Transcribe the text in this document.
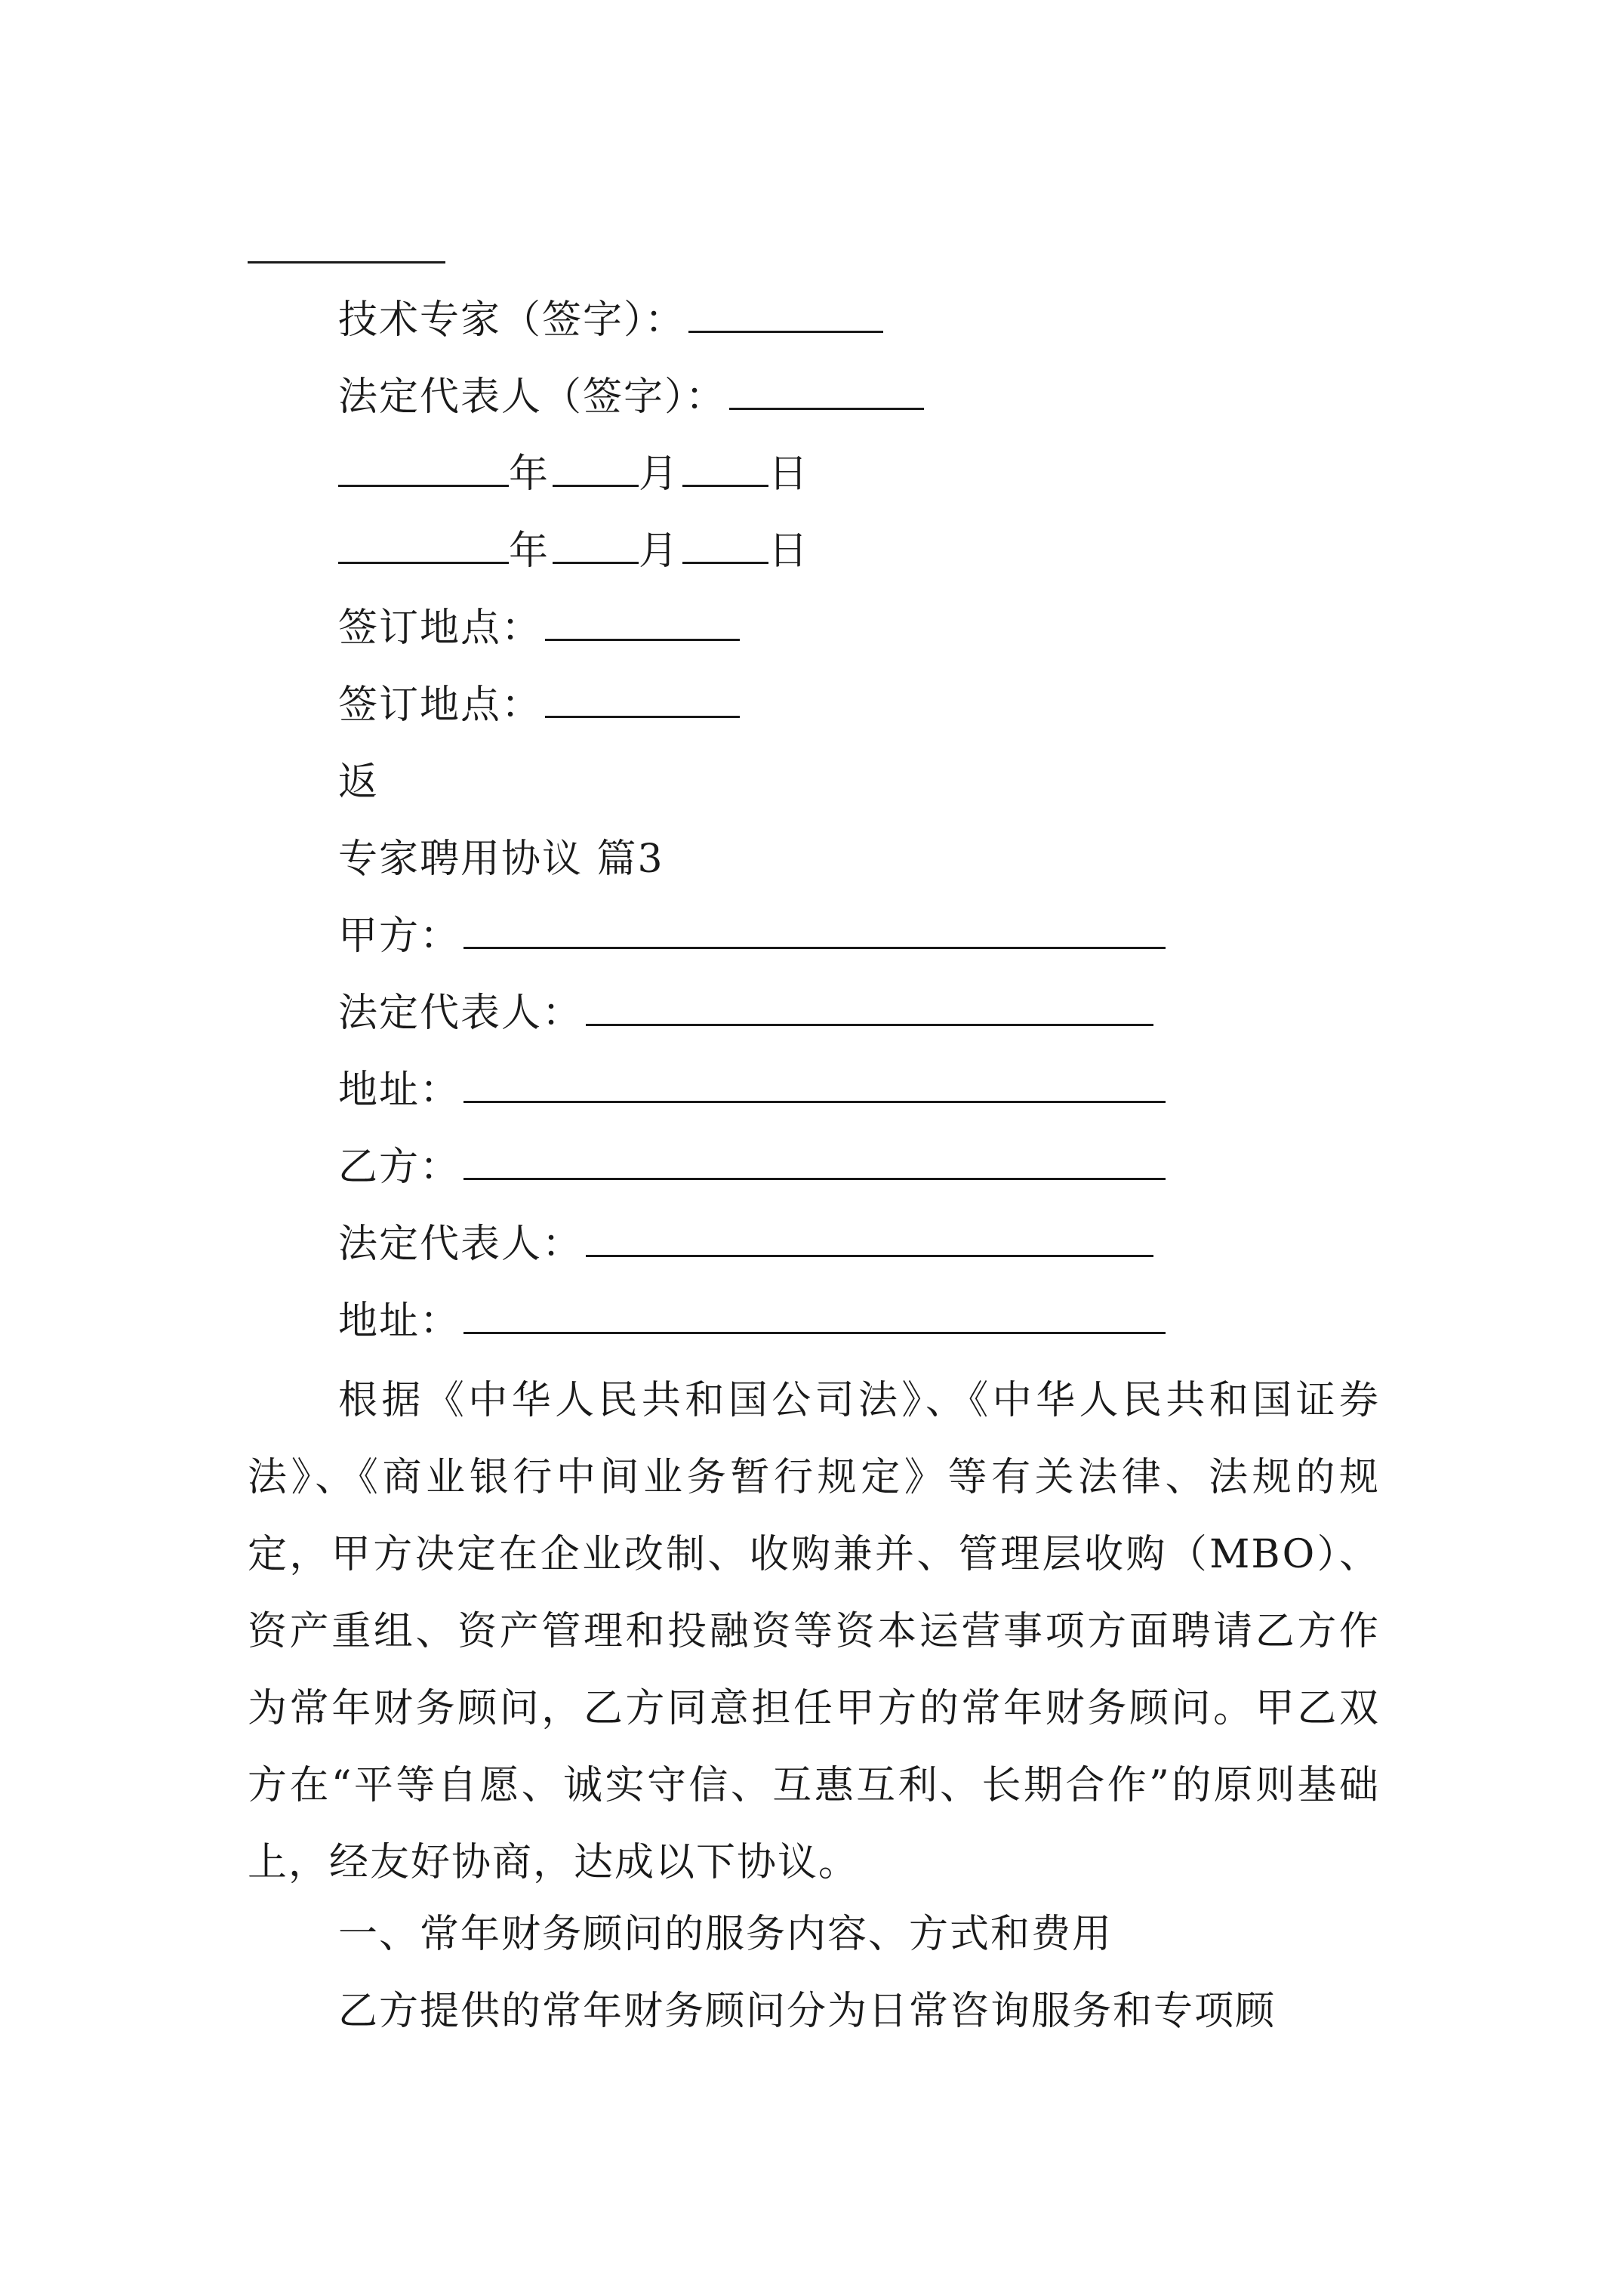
技术专家（签字）：
法定代表人（签字）：
年 月 日
年 月 日
签订地点：
签订地点：
返
专家聘用协议 篇3
甲方：
法定代表人：
地址：
乙方：
法定代表人：
地址：
根据《中华人民共和国公司法》、《中华人民共和国证券法》、《商业银行中间业务暂行规定》等有关法律、法规的规定，甲方决定在企业改制、收购兼并、管理层收购（MBO）、资产重组、资产管理和投融资等资本运营事项方面聘请乙方作为常年财务顾问，乙方同意担任甲方的常年财务顾问。甲乙双方在“平等自愿、诚实守信、互惠互利、长期合作”的原则基础上，经友好协商，达成以下协议。
一、常年财务顾问的服务内容、方式和费用
乙方提供的常年财务顾问分为日常咨询服务和专项顾
